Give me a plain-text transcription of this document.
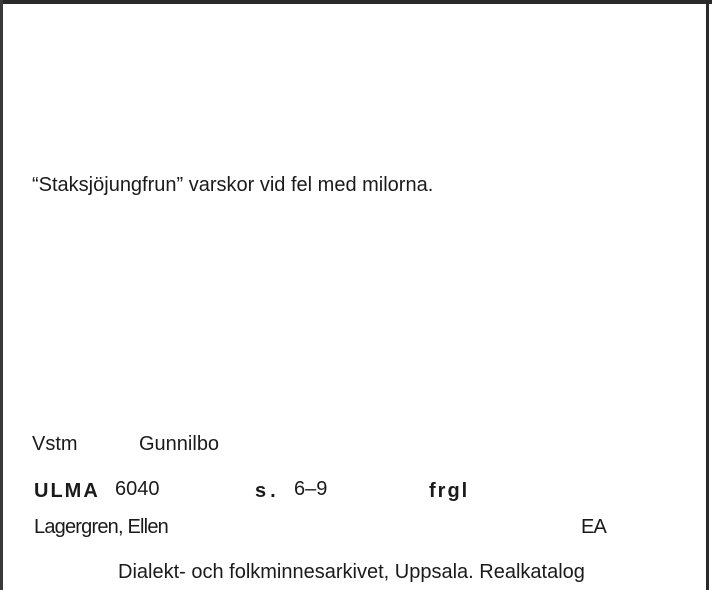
“Staksjöjungfrun” varskor vid fel med milorna.
Vstm	Gunnilbo
ULMA 6040	s. 6–9	frgl
Lagergren, Ellen	EA
Dialekt- och folkminnesarkivet, Uppsala. Realkatalog
